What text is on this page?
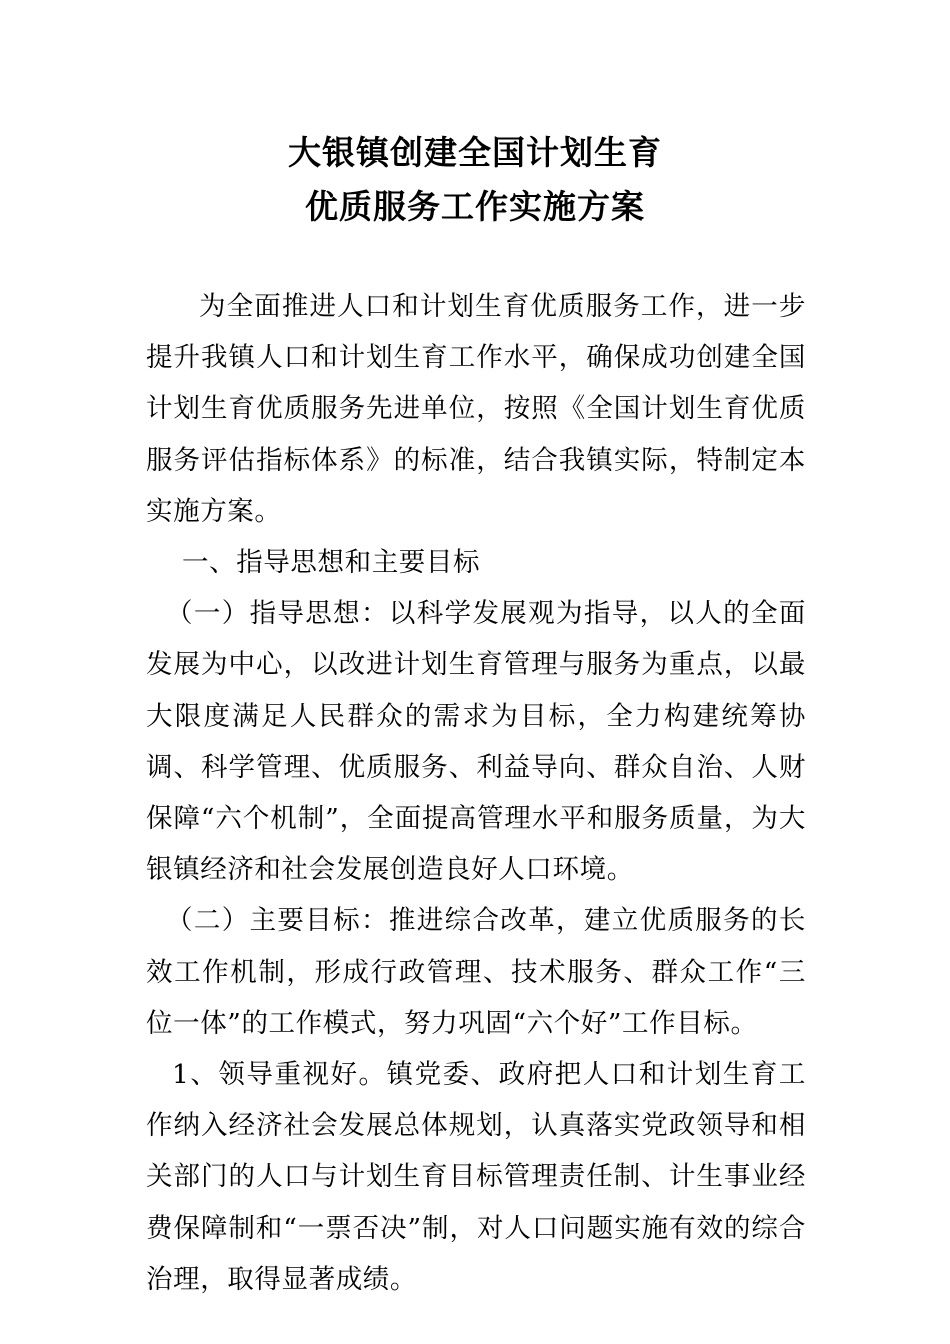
大银镇创建全国计划生育
优质服务工作实施方案

为全面推进人口和计划生育优质服务工作，进一步提升我镇人口和计划生育工作水平，确保成功创建全国计划生育优质服务先进单位，按照《全国计划生育优质服务评估指标体系》的标准，结合我镇实际，特制定本实施方案。

一、指导思想和主要目标

（一）指导思想：以科学发展观为指导，以人的全面发展为中心，以改进计划生育管理与服务为重点，以最大限度满足人民群众的需求为目标，全力构建统筹协调、科学管理、优质服务、利益导向、群众自治、人财保障“六个机制”，全面提高管理水平和服务质量，为大银镇经济和社会发展创造良好人口环境。

（二）主要目标：推进综合改革，建立优质服务的长效工作机制，形成行政管理、技术服务、群众工作“三位一体”的工作模式，努力巩固“六个好”工作目标。

1、领导重视好。镇党委、政府把人口和计划生育工作纳入经济社会发展总体规划，认真落实党政领导和相关部门的人口与计划生育目标管理责任制、计生事业经费保障制和“一票否决”制，对人口问题实施有效的综合治理，取得显著成绩。
